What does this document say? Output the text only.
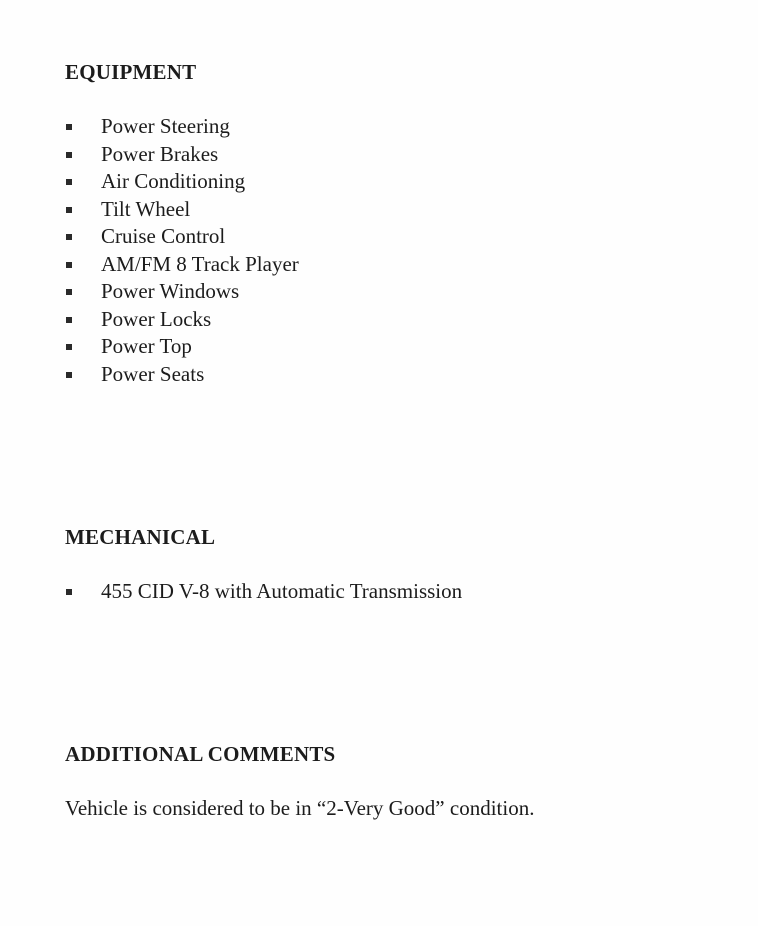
EQUIPMENT
Power Steering
Power Brakes
Air Conditioning
Tilt Wheel
Cruise Control
AM/FM 8 Track Player
Power Windows
Power Locks
Power Top
Power Seats
MECHANICAL
455 CID V-8 with Automatic Transmission
ADDITIONAL COMMENTS

Vehicle is considered to be in “2-Very Good” condition.
